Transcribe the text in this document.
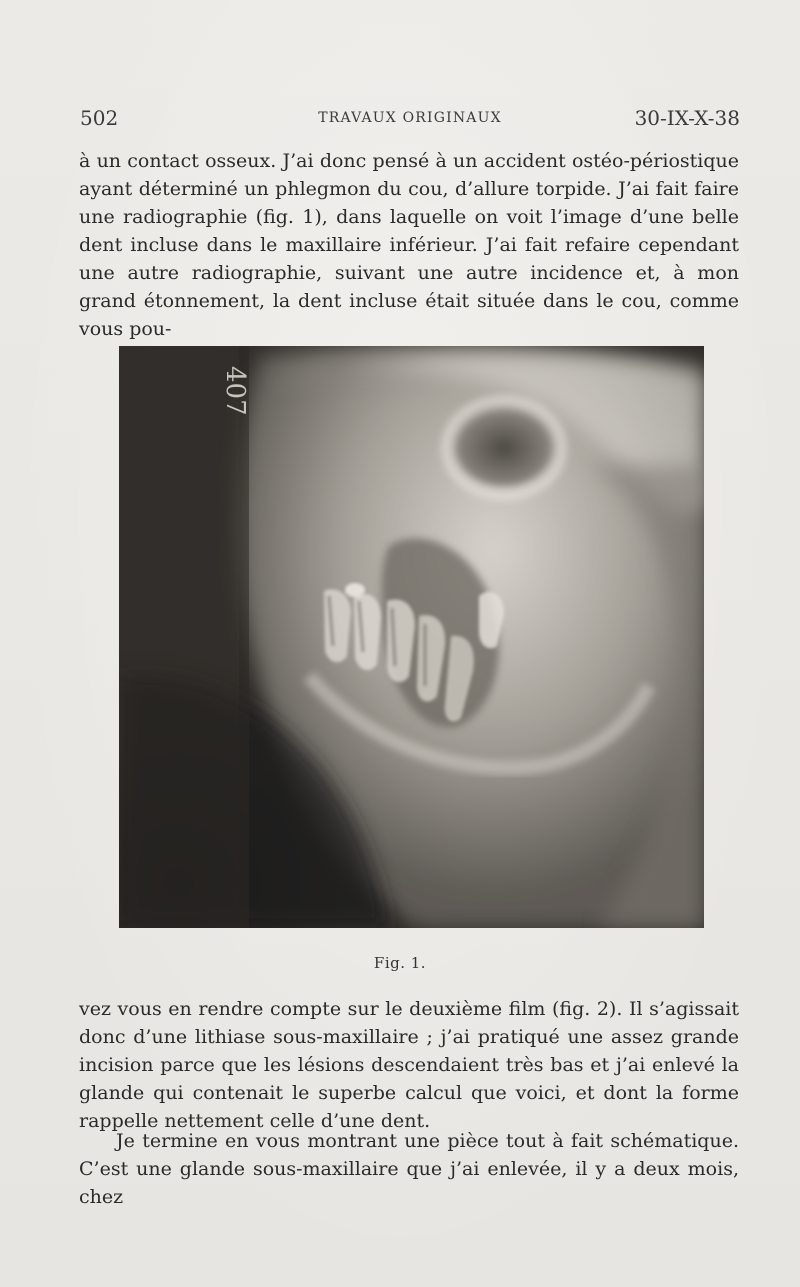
502	TRAVAUX ORIGINAUX	30-IX-X-38

à un contact osseux. J’ai donc pensé à un accident ostéo-périostique ayant déterminé un phlegmon du cou, d’allure torpide. J’ai fait faire une radiographie (fig. 1), dans laquelle on voit l’image d’une belle dent incluse dans le maxillaire inférieur. J’ai fait refaire cependant une autre radiographie, suivant une autre incidence et, à mon grand étonnement, la dent incluse était située dans le cou, comme vous pou-

407
Fig. 1.

vez vous en rendre compte sur le deuxième film (fig. 2). Il s’agissait donc d’une lithiase sous-maxillaire ; j’ai pratiqué une assez grande incision parce que les lésions descendaient très bas et j’ai enlevé la glande qui contenait le superbe calcul que voici, et dont la forme rappelle nettement celle d’une dent.

Je termine en vous montrant une pièce tout à fait schématique. C’est une glande sous-maxillaire que j’ai enlevée, il y a deux mois, chez
